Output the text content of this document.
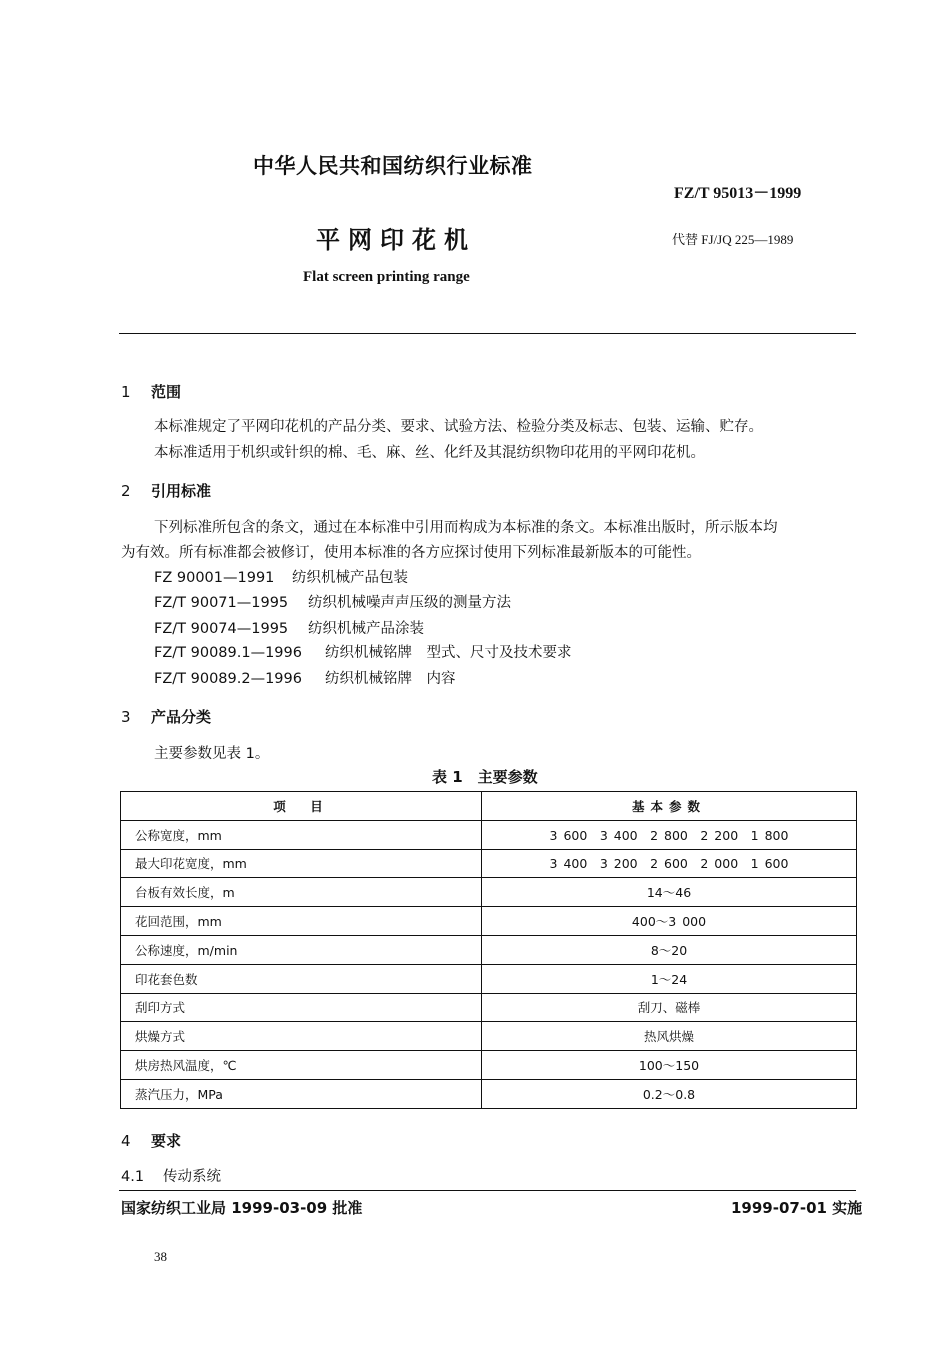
中华人民共和国纺织行业标准
FZ/T 95013－1999
平网印花机	代替 FJ/JQ 225—1989
Flat screen printing range
1 范围
本标准规定了平网印花机的产品分类、要求、试验方法、检验分类及标志、包装、运输、贮存。
本标准适用于机织或针织的棉、毛、麻、丝、化纤及其混纺织物印花用的平网印花机。
2 引用标准
下列标准所包含的条文，通过在本标准中引用而构成为本标准的条文。本标准出版时，所示版本均
为有效。所有标准都会被修订，使用本标准的各方应探讨使用下列标准最新版本的可能性。
FZ 90001—1991 纺织机械产品包装
FZ/T 90071—1995 纺织机械噪声声压级的测量方法
FZ/T 90074—1995 纺织机械产品涂装
FZ/T 90089.1—1996 纺织机械铭牌　型式、尺寸及技术要求
FZ/T 90089.2—1996 纺织机械铭牌　内容
3 产品分类
主要参数见表 1。
表 1　主要参数
项　目	基本参数
公称宽度，mm	3 600　3 400　2 800　2 200　1 800
最大印花宽度，mm	3 400　3 200　2 600　2 000　1 600
台板有效长度，m	14～46
花回范围，mm	400～3 000
公称速度，m/min	8～20
印花套色数	1～24
刮印方式	刮刀、磁棒
烘燥方式	热风烘燥
烘房热风温度，℃	100～150
蒸汽压力，MPa	0.2～0.8
4 要求
4.1 传动系统
国家纺织工业局 1999-03-09 批准	1999-07-01 实施
38
